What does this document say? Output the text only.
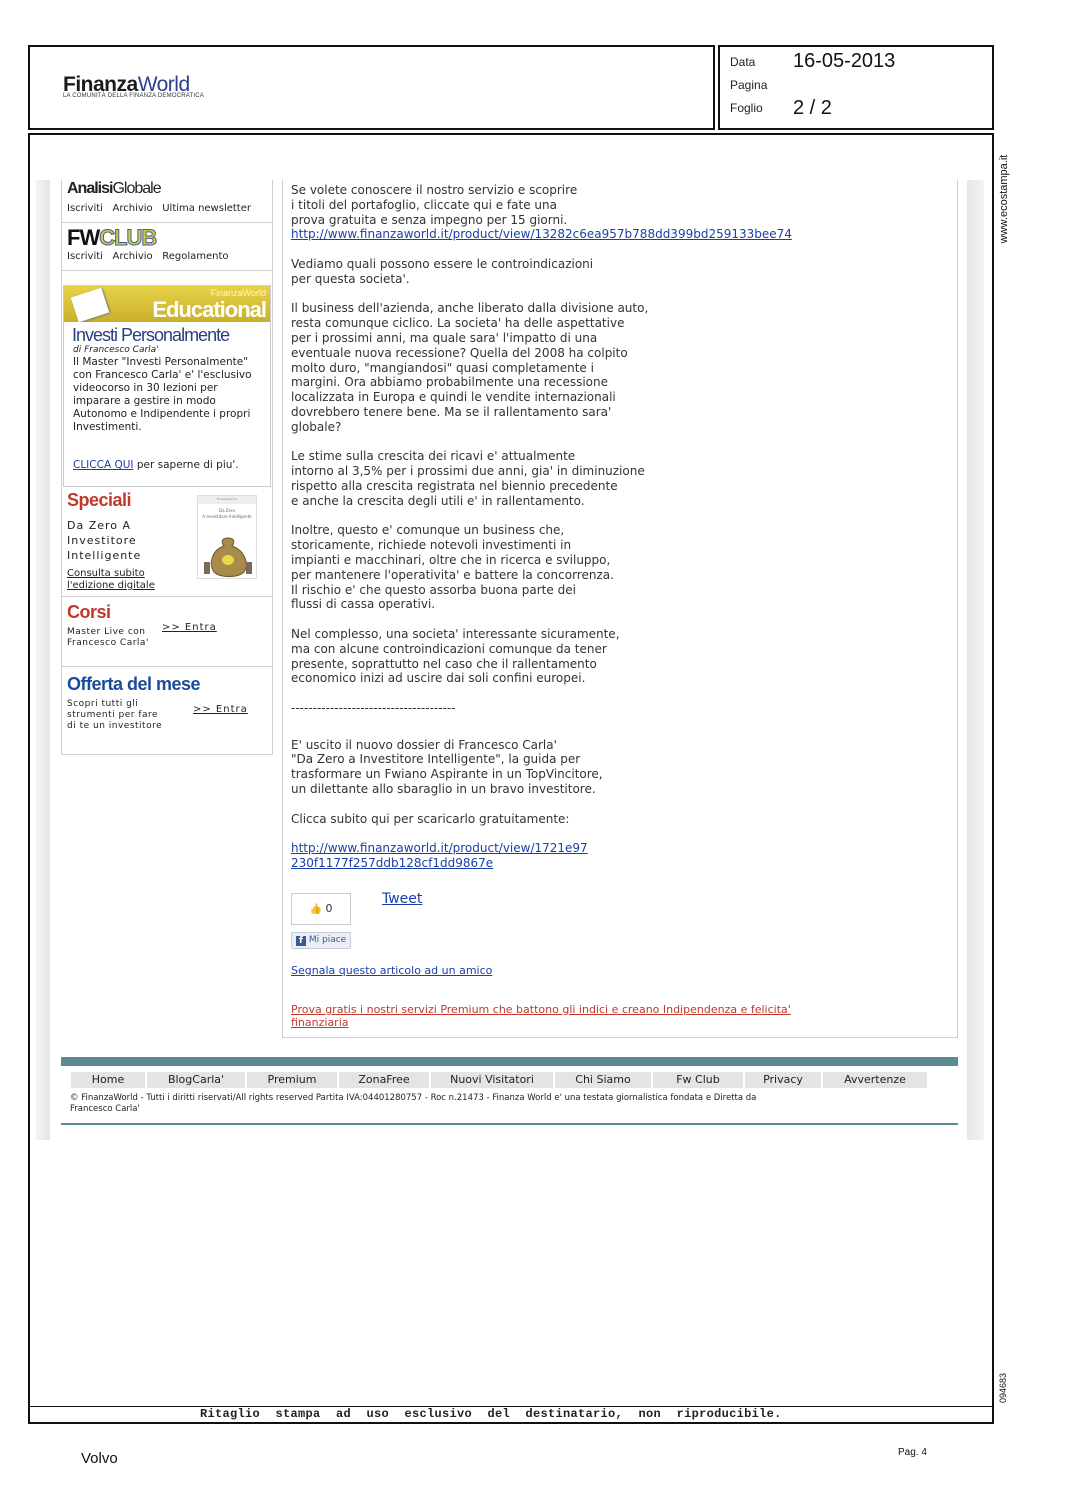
FinanzaWorld
LA COMUNITÀ DELLA FINANZA DEMOCRATICA
Data 16-05-2013
Pagina
Foglio 2 / 2
www.ecostampa.it
094683
AnalisiGlobale
Iscriviti Archivio Ultima newsletter
FWCLUB
Iscriviti Archivio Regolamento
FinanzaWorld
Educational
Investi Personalmente
di Francesco Carla'
Il Master "Investi Personalmente" con Francesco Carla' e' l'esclusivo videocorso in 30 lezioni per imparare a gestire in modo Autonomo e Indipendente i propri Investimenti.
CLICCA QUI per saperne di piu'.
Speciali
Da Zero A
Investitore
Intelligente
Consulta subito
l'edizione digitale
FinanzaWorld
Da Zero
A Investitore Intelligente
Corsi
Master Live con
Francesco Carla'
>> Entra
Offerta del mese
Scopri tutti gli
strumenti per fare
di te un investitore
>> Entra
Se volete conoscere il nostro servizio e scoprire
i titoli del portafoglio, cliccate qui e fate una
prova gratuita e senza impegno per 15 giorni.
http://www.finanzaworld.it/product/view/13282c6ea957b788dd399bd259133bee74
Vediamo quali possono essere le controindicazioni
per questa societa'.
Il business dell'azienda, anche liberato dalla divisione auto,
resta comunque ciclico. La societa' ha delle aspettative
per i prossimi anni, ma quale sara' l'impatto di una
eventuale nuova recessione? Quella del 2008 ha colpito
molto duro, "mangiandosi" quasi completamente i
margini. Ora abbiamo probabilmente una recessione
localizzata in Europa e quindi le vendite internazionali
dovrebbero tenere bene. Ma se il rallentamento sara'
globale?
Le stime sulla crescita dei ricavi e' attualmente
intorno al 3,5% per i prossimi due anni, gia' in diminuzione
rispetto alla crescita registrata nel biennio precedente
e anche la crescita degli utili e' in rallentamento.
Inoltre, questo e' comunque un business che,
storicamente, richiede notevoli investimenti in
impianti e macchinari, oltre che in ricerca e sviluppo,
per mantenere l'operativita' e battere la concorrenza.
Il rischio e' che questo assorba buona parte dei
flussi di cassa operativi.
Nel complesso, una societa' interessante sicuramente,
ma con alcune controindicazioni comunque da tener
presente, soprattutto nel caso che il rallentamento
economico inizi ad uscire dai soli confini europei.
--------------------------------------
E' uscito il nuovo dossier di Francesco Carla'
"Da Zero a Investitore Intelligente", la guida per
trasformare un Fwiano Aspirante in un TopVincitore,
un dilettante allo sbaraglio in un bravo investitore.
Clicca subito qui per scaricarlo gratuitamente:
http://www.finanzaworld.it/product/view/1721e97
230f1177f257ddb128cf1dd9867e
👍 0
Tweet
f Mi piace
Segnala questo articolo ad un amico
Prova gratis i nostri servizi Premium che battono gli indici e creano Indipendenza e felicita'
finanziaria
Home	BlogCarla'	Premium	ZonaFree	Nuovi Visitatori	Chi Siamo	Fw Club	Privacy	Avvertenze
© FinanzaWorld - Tutti i diritti riservati/All rights reserved Partita IVA:04401280757 - Roc n.21473 - Finanza World e' una testata giornalistica fondata e Diretta da
Francesco Carla'
Ritaglio stampa ad uso esclusivo del destinatario, non riproducibile.
Volvo	Pag. 4
